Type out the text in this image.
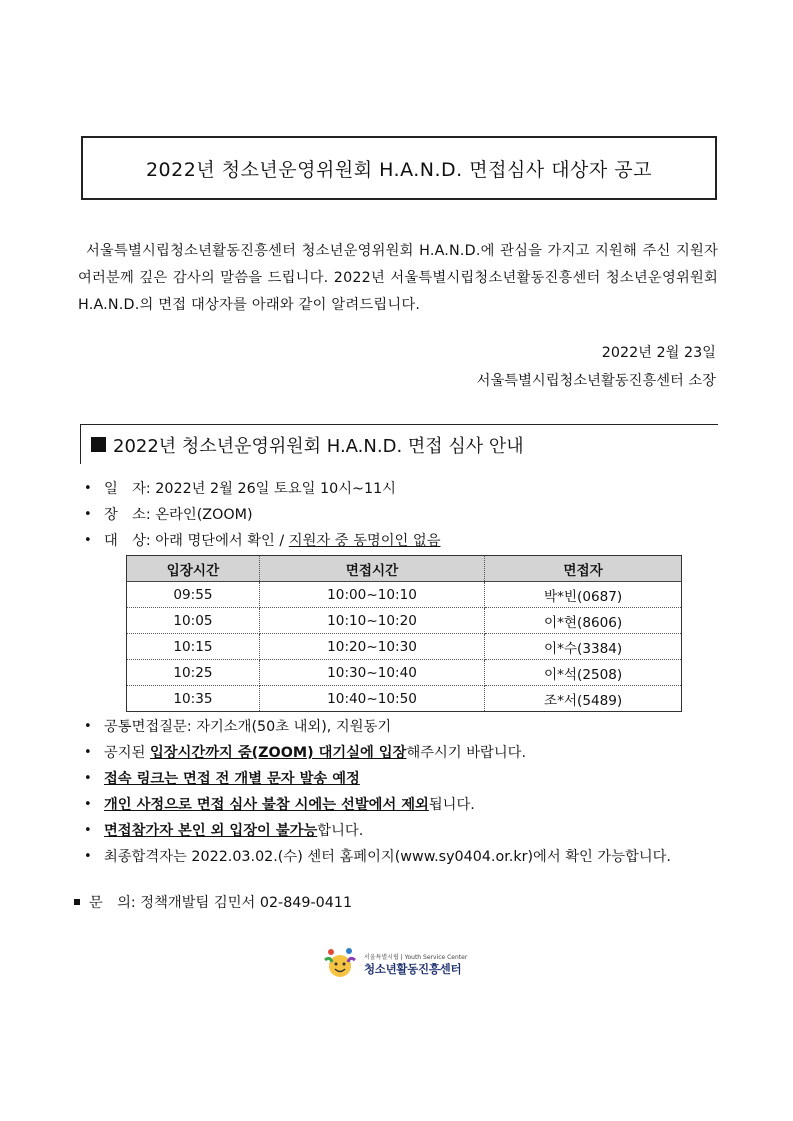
2022년 청소년운영위원회 H.A.N.D. 면접심사 대상자 공고

서울특별시립청소년활동진흥센터 청소년운영위원회 H.A.N.D.에 관심을 가지고 지원해 주신 지원자 여러분께 깊은 감사의 말씀을 드립니다. 2022년 서울특별시립청소년활동진흥센터 청소년운영위원회 H.A.N.D.의 면접 대상자를 아래와 같이 알려드립니다.

2022년 2월 23일
서울특별시립청소년활동진흥센터 소장
2022년 청소년운영위원회 H.A.N.D. 면접 심사 안내
• 일　자: 2022년 2월 26일 토요일 10시~11시
• 장　소: 온라인(ZOOM)
• 대　상: 아래 명단에서 확인 / 지원자 중 동명이인 없음
입장시간	면접시간	면접자
09:55	10:00~10:10	박*빈(0687)
10:05	10:10~10:20	이*현(8606)
10:15	10:20~10:30	이*수(3384)
10:25	10:30~10:40	이*석(2508)
10:35	10:40~10:50	조*서(5489)
• 공통면접질문: 자기소개(50초 내외), 지원동기
• 공지된 입장시간까지 줌(ZOOM) 대기실에 입장해주시기 바랍니다.
• 접속 링크는 면접 전 개별 문자 발송 예정
• 개인 사정으로 면접 심사 불참 시에는 선발에서 제외됩니다.
• 면접참가자 본인 외 입장이 불가능합니다.
• 최종합격자는 2022.03.02.(수) 센터 홈페이지(www.sy0404.or.kr)에서 확인 가능합니다.
문　의: 정책개발팀 김민서 02-849-0411
서울특별시립 | Youth Service Center
청소년활동진흥센터
